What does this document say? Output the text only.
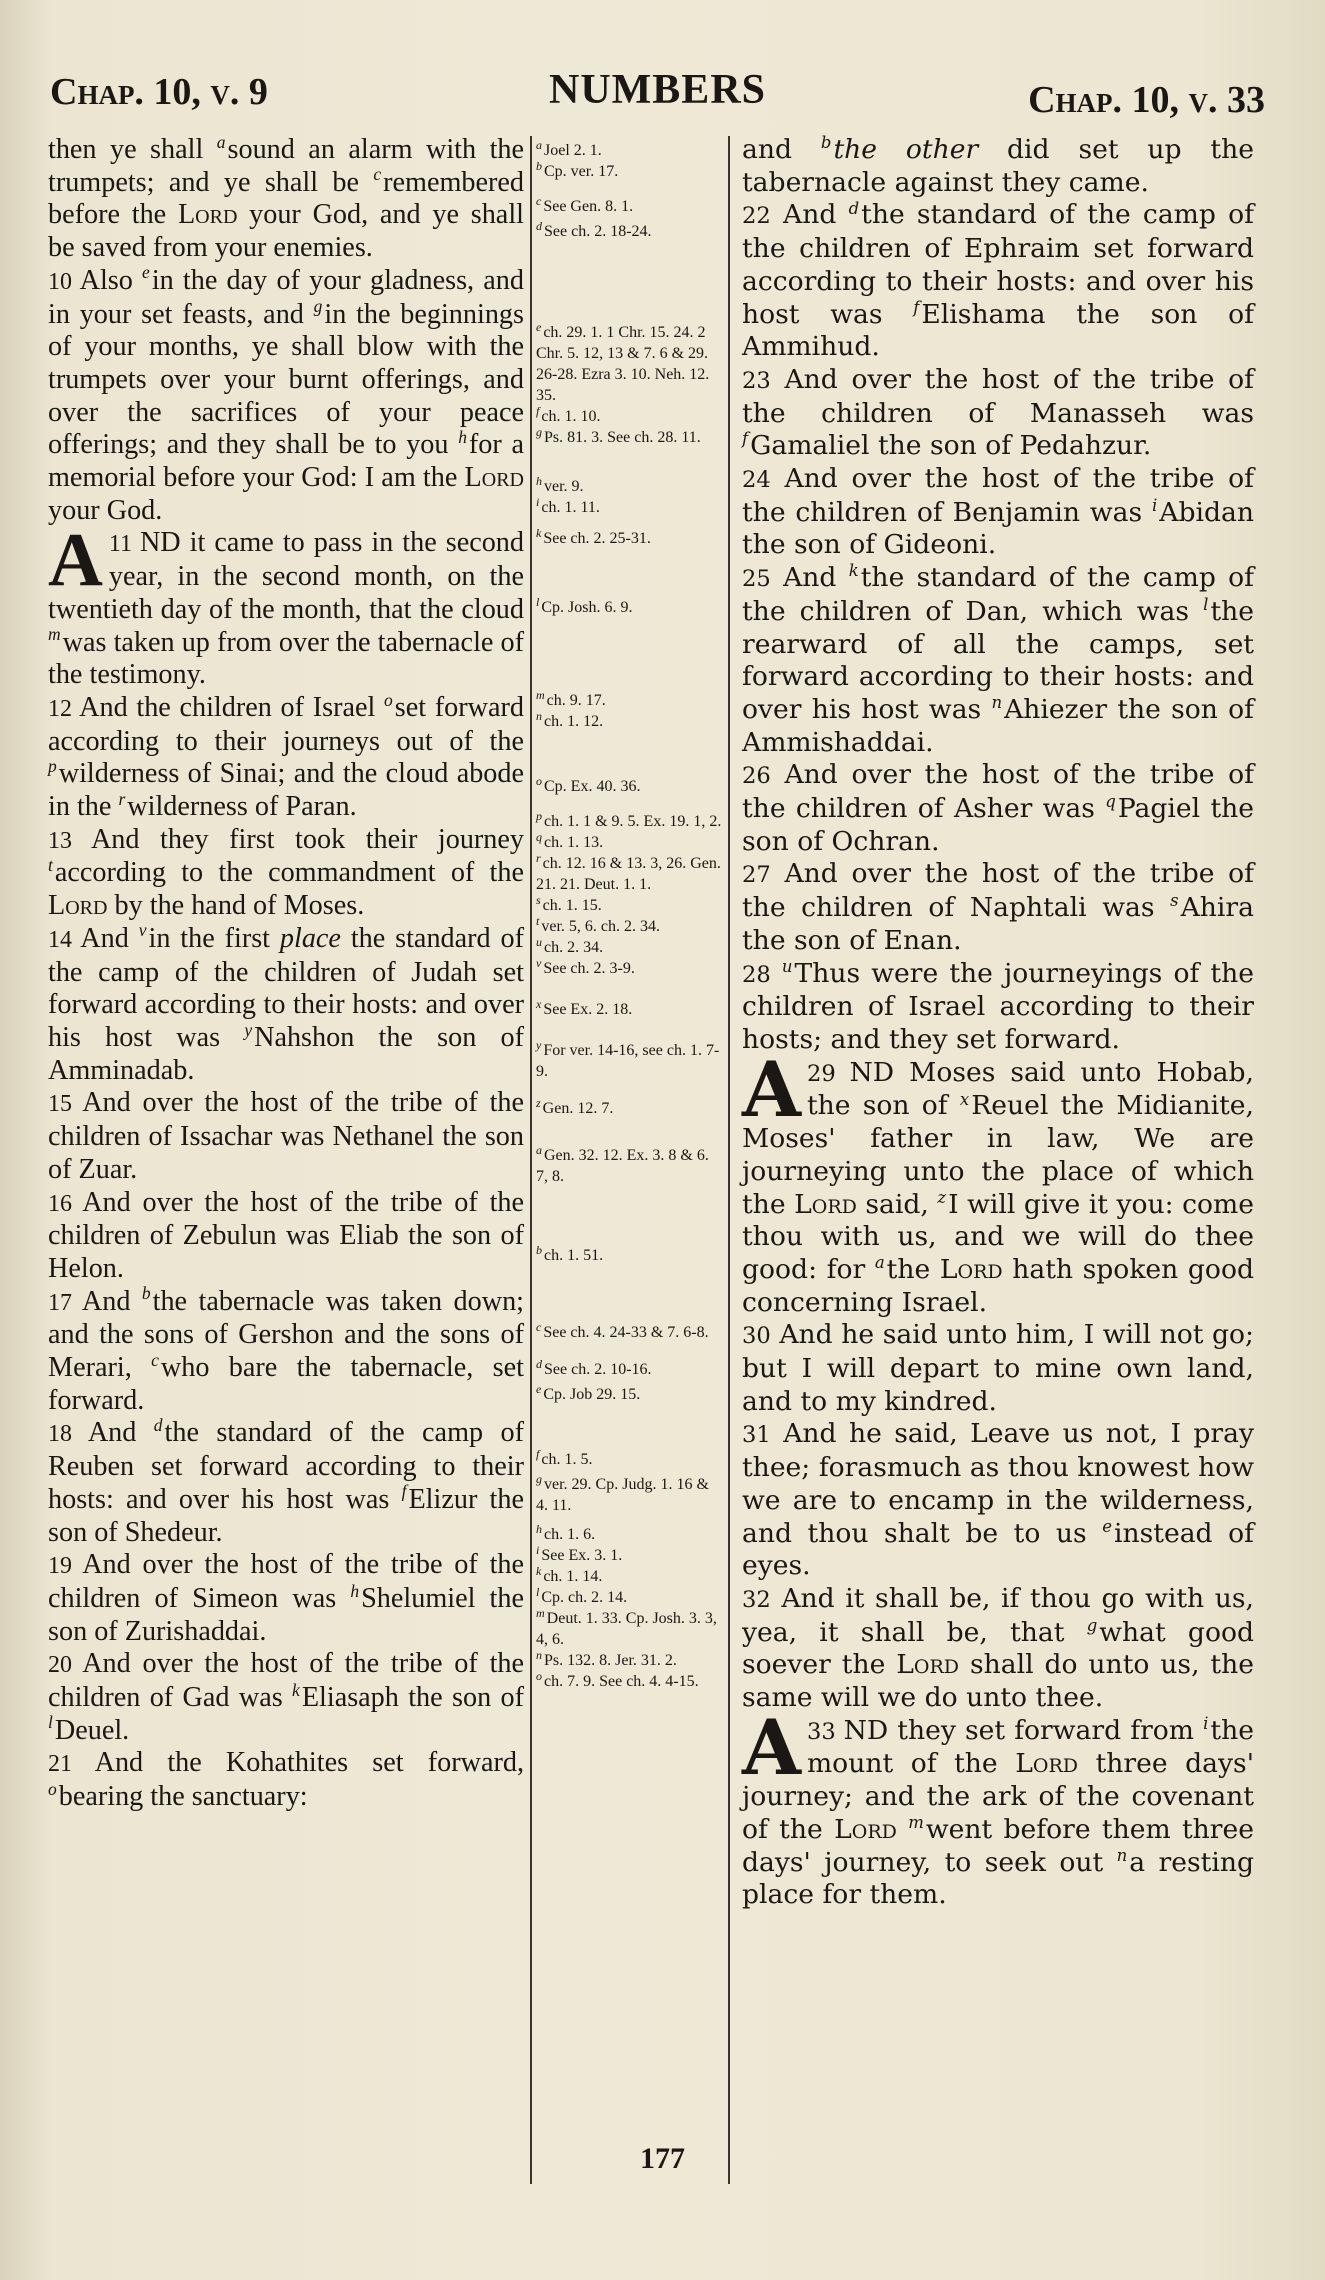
Chap. 10, v. 9	NUMBERS	Chap. 10, v. 33

then ye shall $^a$sound an alarm with the trumpets; and ye shall be $^c$remembered before the Lord your God, and ye shall be saved from your enemies.

10 Also $^e$in the day of your gladness, and in your set feasts, and $^g$in the beginnings of your months, ye shall blow with the trumpets over your burnt offerings, and over the sacrifices of your peace offerings; and they shall be to you $^h$for a memorial before your God: I am the Lord your God.

11
A ND it came to pass in the second year, in the second month, on the twentieth day of the month, that the cloud $^m$was taken up from over the tabernacle of the testimony.

12 And the children of Israel $^o$set forward according to their journeys out of the $^p$wilderness of Sinai; and the cloud abode in the $^r$wilderness of Paran.

13 And they first took their journey $^t$according to the commandment of the Lord by the hand of Moses.

14 And $^v$in the first place the standard of the camp of the children of Judah set forward according to their hosts: and over his host was $^y$Nahshon the son of Amminadab.

15 And over the host of the tribe of the children of Issachar was Nethanel the son of Zuar.

16 And over the host of the tribe of the children of Zebulun was Eliab the son of Helon.

17 And $^b$the tabernacle was taken down; and the sons of Gershon and the sons of Merari, $^c$who bare the tabernacle, set forward.

18 And $^d$the standard of the camp of Reuben set forward according to their hosts: and over his host was $^f$Elizur the son of Shedeur.

19 And over the host of the tribe of the children of Simeon was $^h$Shelumiel the son of Zurishaddai.

20 And over the host of the tribe of the children of Gad was $^k$Eliasaph the son of $^l$Deuel.

21 And the Kohathites set forward, $^o$bearing the sanctuary:

$^a$ Joel 2. 1.
$^b$ Cp. ver. 17.
$^c$ See Gen. 8. 1.
$^d$ See ch. 2. 18-24.
$^e$ ch. 29. 1. 1 Chr. 15. 24. 2 Chr. 5. 12, 13 & 7. 6 & 29. 26-28. Ezra 3. 10. Neh. 12. 35.
$^f$ ch. 1. 10.
$^g$ Ps. 81. 3. See ch. 28. 11.
$^h$ ver. 9.
$^i$ ch. 1. 11.
$^k$ See ch. 2. 25-31.
$^l$ Cp. Josh. 6. 9.
$^m$ ch. 9. 17.
$^n$ ch. 1. 12.
$^o$ Cp. Ex. 40. 36.
$^p$ ch. 1. 1 & 9. 5. Ex. 19. 1, 2.
$^q$ ch. 1. 13.
$^r$ ch. 12. 16 & 13. 3, 26. Gen. 21. 21. Deut. 1. 1.
$^s$ ch. 1. 15.
$^t$ ver. 5, 6. ch. 2. 34.
$^u$ ch. 2. 34.
$^v$ See ch. 2. 3-9.
$^x$ See Ex. 2. 18.
$^y$ For ver. 14-16, see ch. 1. 7-9.
$^z$ Gen. 12. 7.
$^a$ Gen. 32. 12. Ex. 3. 8 & 6. 7, 8.
$^b$ ch. 1. 51.
$^c$ See ch. 4. 24-33 & 7. 6-8.
$^d$ See ch. 2. 10-16.
$^e$ Cp. Job 29. 15.
$^f$ ch. 1. 5.
$^g$ ver. 29. Cp. Judg. 1. 16 & 4. 11.
$^h$ ch. 1. 6.
$^i$ See Ex. 3. 1.
$^k$ ch. 1. 14.
$^l$ Cp. ch. 2. 14.
$^m$ Deut. 1. 33. Cp. Josh. 3. 3, 4, 6.
$^n$ Ps. 132. 8. Jer. 31. 2.
$^o$ ch. 7. 9. See ch. 4. 4-15.

and $^b$the other did set up the tabernacle against they came.

22 And $^d$the standard of the camp of the children of Ephraim set forward according to their hosts: and over his host was $^f$Elishama the son of Ammihud.

23 And over the host of the tribe of the children of Manasseh was $^f$Gamaliel the son of Pedahzur.

24 And over the host of the tribe of the children of Benjamin was $^i$Abidan the son of Gideoni.

25 And $^k$the standard of the camp of the children of Dan, which was $^l$the rearward of all the camps, set forward according to their hosts: and over his host was $^n$Ahiezer the son of Ammishaddai.

26 And over the host of the tribe of the children of Asher was $^q$Pagiel the son of Ochran.

27 And over the host of the tribe of the children of Naphtali was $^s$Ahira the son of Enan.

28 $^u$Thus were the journeyings of the children of Israel according to their hosts; and they set forward.

29
A ND Moses said unto Hobab, the son of $^x$Reuel the Midianite, Moses' father in law, We are journeying unto the place of which the Lord said, $^z$I will give it you: come thou with us, and we will do thee good: for $^a$the Lord hath spoken good concerning Israel.

30 And he said unto him, I will not go; but I will depart to mine own land, and to my kindred.

31 And he said, Leave us not, I pray thee; forasmuch as thou knowest how we are to encamp in the wilderness, and thou shalt be to us $^e$instead of eyes.

32 And it shall be, if thou go with us, yea, it shall be, that $^g$what good soever the Lord shall do unto us, the same will we do unto thee.

33
A ND they set forward from $^i$the mount of the Lord three days' journey; and the ark of the covenant of the Lord $^m$went before them three days' journey, to seek out $^n$a resting place for them.

177
